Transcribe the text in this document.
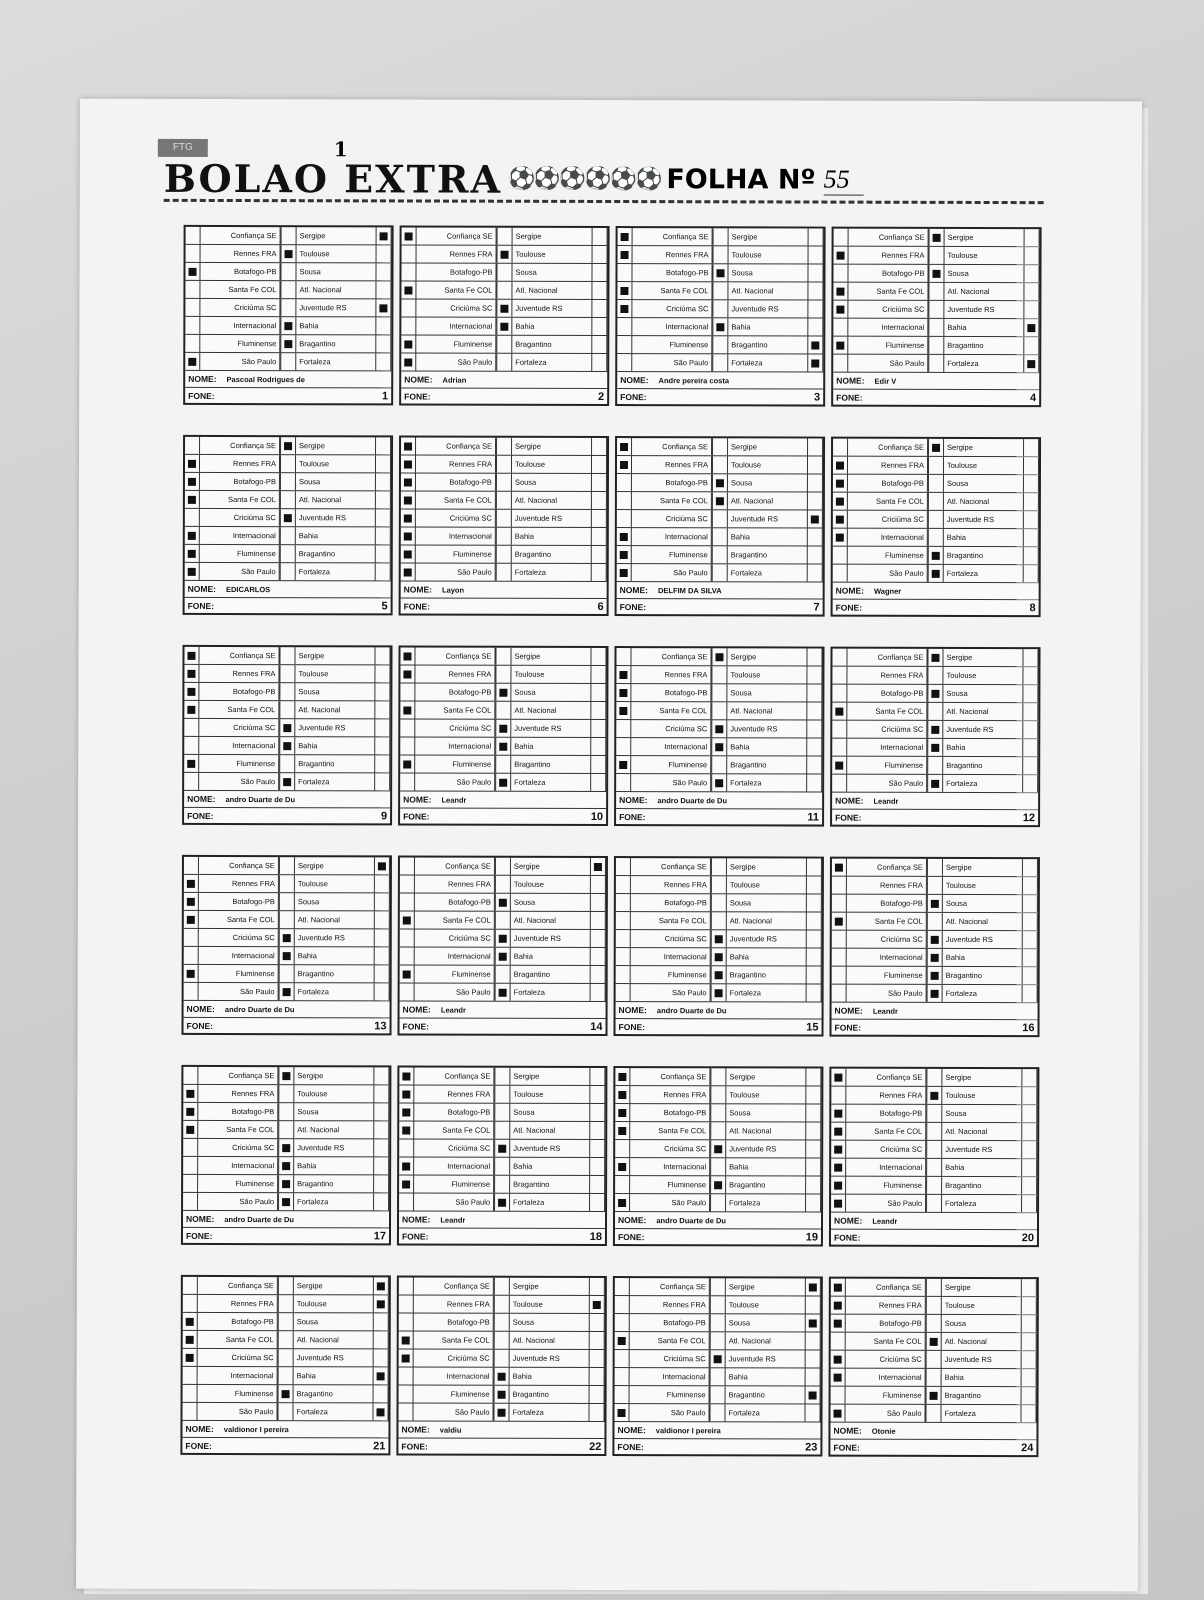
FTG	1
BOLAO EXTRA ⚽⚽⚽⚽⚽⚽ FOLHA Nº 55
Confiança SE	Sergipe
Rennes FRA	Toulouse
Botafogo-PB	Sousa
Santa Fe COL	Atl. Nacional
Criciúma SC	Juventude RS
Internacional	Bahia
Fluminense	Bragantino
São Paulo	Fortaleza
NOME: Pascoal Rodrigues de
FONE:	1
Confiança SE	Sergipe
Rennes FRA	Toulouse
Botafogo-PB	Sousa
Santa Fe COL	Atl. Nacional
Criciúma SC	Juventude RS
Internacional	Bahia
Fluminense	Bragantino
São Paulo	Fortaleza
NOME: Adrian
FONE:	2
Confiança SE	Sergipe
Rennes FRA	Toulouse
Botafogo-PB	Sousa
Santa Fe COL	Atl. Nacional
Criciúma SC	Juventude RS
Internacional	Bahia
Fluminense	Bragantino
São Paulo	Fortaleza
NOME: Andre pereira costa
FONE:	3
Confiança SE	Sergipe
Rennes FRA	Toulouse
Botafogo-PB	Sousa
Santa Fe COL	Atl. Nacional
Criciúma SC	Juventude RS
Internacional	Bahia
Fluminense	Bragantino
São Paulo	Fortaleza
NOME: Edir V
FONE:	4
Confiança SE	Sergipe
Rennes FRA	Toulouse
Botafogo-PB	Sousa
Santa Fe COL	Atl. Nacional
Criciúma SC	Juventude RS
Internacional	Bahia
Fluminense	Bragantino
São Paulo	Fortaleza
NOME: EDICARLOS
FONE:	5
Confiança SE	Sergipe
Rennes FRA	Toulouse
Botafogo-PB	Sousa
Santa Fe COL	Atl. Nacional
Criciúma SC	Juventude RS
Internacional	Bahia
Fluminense	Bragantino
São Paulo	Fortaleza
NOME: Layon
FONE:	6
Confiança SE	Sergipe
Rennes FRA	Toulouse
Botafogo-PB	Sousa
Santa Fe COL	Atl. Nacional
Criciúma SC	Juventude RS
Internacional	Bahia
Fluminense	Bragantino
São Paulo	Fortaleza
NOME: DELFIM DA SILVA
FONE:	7
Confiança SE	Sergipe
Rennes FRA	Toulouse
Botafogo-PB	Sousa
Santa Fe COL	Atl. Nacional
Criciúma SC	Juventude RS
Internacional	Bahia
Fluminense	Bragantino
São Paulo	Fortaleza
NOME: Wagner
FONE:	8
Confiança SE	Sergipe
Rennes FRA	Toulouse
Botafogo-PB	Sousa
Santa Fe COL	Atl. Nacional
Criciúma SC	Juventude RS
Internacional	Bahia
Fluminense	Bragantino
São Paulo	Fortaleza
NOME: andro Duarte de Du
FONE:	9
Confiança SE	Sergipe
Rennes FRA	Toulouse
Botafogo-PB	Sousa
Santa Fe COL	Atl. Nacional
Criciúma SC	Juventude RS
Internacional	Bahia
Fluminense	Bragantino
São Paulo	Fortaleza
NOME: Leandr
FONE:	10
Confiança SE	Sergipe
Rennes FRA	Toulouse
Botafogo-PB	Sousa
Santa Fe COL	Atl. Nacional
Criciúma SC	Juventude RS
Internacional	Bahia
Fluminense	Bragantino
São Paulo	Fortaleza
NOME: andro Duarte de Du
FONE:	11
Confiança SE	Sergipe
Rennes FRA	Toulouse
Botafogo-PB	Sousa
Santa Fe COL	Atl. Nacional
Criciúma SC	Juventude RS
Internacional	Bahia
Fluminense	Bragantino
São Paulo	Fortaleza
NOME: Leandr
FONE:	12
Confiança SE	Sergipe
Rennes FRA	Toulouse
Botafogo-PB	Sousa
Santa Fe COL	Atl. Nacional
Criciúma SC	Juventude RS
Internacional	Bahia
Fluminense	Bragantino
São Paulo	Fortaleza
NOME: andro Duarte de Du
FONE:	13
Confiança SE	Sergipe
Rennes FRA	Toulouse
Botafogo-PB	Sousa
Santa Fe COL	Atl. Nacional
Criciúma SC	Juventude RS
Internacional	Bahia
Fluminense	Bragantino
São Paulo	Fortaleza
NOME: Leandr
FONE:	14
Confiança SE	Sergipe
Rennes FRA	Toulouse
Botafogo-PB	Sousa
Santa Fe COL	Atl. Nacional
Criciúma SC	Juventude RS
Internacional	Bahia
Fluminense	Bragantino
São Paulo	Fortaleza
NOME: andro Duarte de Du
FONE:	15
Confiança SE	Sergipe
Rennes FRA	Toulouse
Botafogo-PB	Sousa
Santa Fe COL	Atl. Nacional
Criciúma SC	Juventude RS
Internacional	Bahia
Fluminense	Bragantino
São Paulo	Fortaleza
NOME: Leandr
FONE:	16
Confiança SE	Sergipe
Rennes FRA	Toulouse
Botafogo-PB	Sousa
Santa Fe COL	Atl. Nacional
Criciúma SC	Juventude RS
Internacional	Bahia
Fluminense	Bragantino
São Paulo	Fortaleza
NOME: andro Duarte de Du
FONE:	17
Confiança SE	Sergipe
Rennes FRA	Toulouse
Botafogo-PB	Sousa
Santa Fe COL	Atl. Nacional
Criciúma SC	Juventude RS
Internacional	Bahia
Fluminense	Bragantino
São Paulo	Fortaleza
NOME: Leandr
FONE:	18
Confiança SE	Sergipe
Rennes FRA	Toulouse
Botafogo-PB	Sousa
Santa Fe COL	Atl. Nacional
Criciúma SC	Juventude RS
Internacional	Bahia
Fluminense	Bragantino
São Paulo	Fortaleza
NOME: andro Duarte de Du
FONE:	19
Confiança SE	Sergipe
Rennes FRA	Toulouse
Botafogo-PB	Sousa
Santa Fe COL	Atl. Nacional
Criciúma SC	Juventude RS
Internacional	Bahia
Fluminense	Bragantino
São Paulo	Fortaleza
NOME: Leandr
FONE:	20
Confiança SE	Sergipe
Rennes FRA	Toulouse
Botafogo-PB	Sousa
Santa Fe COL	Atl. Nacional
Criciúma SC	Juventude RS
Internacional	Bahia
Fluminense	Bragantino
São Paulo	Fortaleza
NOME: valdionor I pereira
FONE:	21
Confiança SE	Sergipe
Rennes FRA	Toulouse
Botafogo-PB	Sousa
Santa Fe COL	Atl. Nacional
Criciúma SC	Juventude RS
Internacional	Bahia
Fluminense	Bragantino
São Paulo	Fortaleza
NOME: valdiu
FONE:	22
Confiança SE	Sergipe
Rennes FRA	Toulouse
Botafogo-PB	Sousa
Santa Fe COL	Atl. Nacional
Criciúma SC	Juventude RS
Internacional	Bahia
Fluminense	Bragantino
São Paulo	Fortaleza
NOME: valdionor I pereira
FONE:	23
Confiança SE	Sergipe
Rennes FRA	Toulouse
Botafogo-PB	Sousa
Santa Fe COL	Atl. Nacional
Criciúma SC	Juventude RS
Internacional	Bahia
Fluminense	Bragantino
São Paulo	Fortaleza
NOME: Otonie
FONE:	24
